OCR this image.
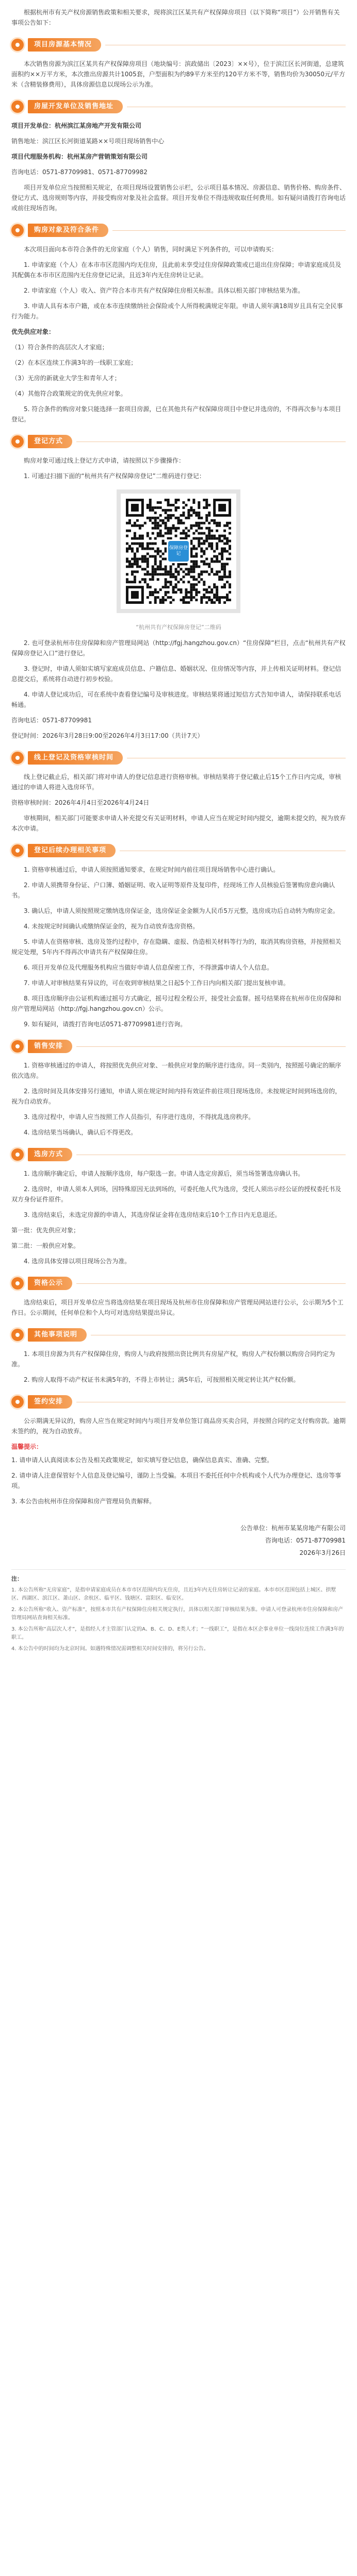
根据杭州市有关产权房源销售政策和相关要求，现将滨江区某共有产权保障房项目（以下简称“项目”）公开销售有关事项公告如下：

项目房源基本情况

本次销售房源为滨江区某共有产权保障房项目（地块编号：滨政储出〔2023〕××号），位于滨江区长河街道，总建筑面积约××万平方米，本次推出房源共计1005套，户型面积为约89平方米至约120平方米不等，销售均价为30050元/平方米（含精装修费用），具体房源信息以现场公示为准。

房屋开发单位及销售地址

项目开发单位：杭州滨江某房地产开发有限公司

销售地址：滨江区长河街道某路××号项目现场销售中心

项目代理服务机构：杭州某房产营销策划有限公司

咨询电话：0571-87709981、0571-87709982

项目开发单位应当按照相关规定，在项目现场设置销售公示栏，公示项目基本情况、房源信息、销售价格、购房条件、登记方式、选房规则等内容，并接受购房对象及社会监督。项目开发单位不得违规收取任何费用。如有疑问请拨打咨询电话或前往现场咨询。

购房对象及符合条件

本次项目面向本市符合条件的无房家庭（个人）销售，同时满足下列条件的，可以申请购买：

1. 申请家庭（个人）在本市市区范围内均无住房，且此前未享受过住房保障政策或已退出住房保障；申请家庭成员及其配偶在本市市区范围内无住房登记记录，且近3年内无住房转让记录。

2. 申请家庭（个人）收入、资产符合本市共有产权保障住房相关标准。具体以相关部门审核结果为准。

3. 申请人具有本市户籍，或在本市连续缴纳社会保险或个人所得税满规定年限。申请人须年满18周岁且具有完全民事行为能力。

优先供应对象：

（1）符合条件的高层次人才家庭；

（2）在本区连续工作满3年的一线职工家庭；

（3）无房的新就业大学生和青年人才；

（4）其他符合政策规定的优先供应对象。

5. 符合条件的购房对象只能选择一套项目房源，已在其他共有产权保障房项目中登记并选房的，不得再次参与本项目登记。

登记方式

购房对象可通过线上登记方式申请，请按照以下步骤操作：

1. 可通过扫描下面的“杭州共有产权保障房登记”二维码进行登记：

保障房登记

“杭州共有产权保障房登记”二维码

2. 也可登录杭州市住房保障和房产管理局网站（http://fgj.hangzhou.gov.cn）“住房保障”栏目，点击“杭州共有产权保障房登记入口”进行登记。

3. 登记时，申请人须如实填写家庭成员信息、户籍信息、婚姻状况、住房情况等内容，并上传相关证明材料。登记信息提交后，系统将自动进行初步校验。

4. 申请人登记成功后，可在系统中查看登记编号及审核进度。审核结果将通过短信方式告知申请人，请保持联系电话畅通。

咨询电话：0571-87709981

登记时间：2026年3月28日9:00至2026年4月3日17:00（共计7天）

线上登记及资格审核时间

线上登记截止后，相关部门将对申请人的登记信息进行资格审核。审核结果将于登记截止后15个工作日内完成，审核通过的申请人将进入选房环节。

资格审核时间：2026年4月4日至2026年4月24日

审核期间，相关部门可能要求申请人补充提交有关证明材料，申请人应当在规定时间内提交，逾期未提交的，视为放弃本次申请。

登记后续办理相关事项

1. 资格审核通过后，申请人须按照通知要求，在规定时间内前往项目现场销售中心进行确认。

2. 申请人须携带身份证、户口簿、婚姻证明、收入证明等原件及复印件，经现场工作人员核验后签署购房意向确认书。

3. 确认后，申请人须按照规定缴纳选房保证金，选房保证金金额为人民币5万元整，选房成功后自动转为购房定金。

4. 未按规定时间确认或缴纳保证金的，视为自动放弃选房资格。

5. 申请人在资格审核、选房及签约过程中，存在隐瞒、虚报、伪造相关材料等行为的，取消其购房资格，并按照相关规定处理，5年内不得再次申请共有产权保障住房。

6. 项目开发单位及代理服务机构应当做好申请人信息保密工作，不得泄露申请人个人信息。

7. 申请人对审核结果有异议的，可在收到审核结果之日起5个工作日内向相关部门提出复核申请。

8. 项目选房顺序由公证机构通过摇号方式确定，摇号过程全程公开，接受社会监督。摇号结果将在杭州市住房保障和房产管理局网站（http://fgj.hangzhou.gov.cn）公示。

9. 如有疑问，请拨打咨询电话0571-87709981进行咨询。

销售安排

1. 资格审核通过的申请人，将按照优先供应对象、一般供应对象的顺序进行选房。同一类别内，按照摇号确定的顺序依次选房。

2. 选房时间及具体安排另行通知，申请人须在规定时间内持有效证件前往项目现场选房。未按规定时间到场选房的，视为自动放弃。

3. 选房过程中，申请人应当按照工作人员指引，有序进行选房，不得扰乱选房秩序。

4. 选房结果当场确认，确认后不得更改。

选房方式

1. 选房顺序确定后，申请人按顺序选房，每户限选一套。申请人选定房源后，须当场签署选房确认书。

2. 选房时，申请人须本人到场，因特殊原因无法到场的，可委托他人代为选房，受托人须出示经公证的授权委托书及双方身份证件原件。

3. 选房结束后，未选定房源的申请人，其选房保证金将在选房结束后10个工作日内无息退还。

第一批：优先供应对象；

第二批：一般供应对象。

4. 选房具体安排以项目现场公告为准。

资格公示

选房结束后，项目开发单位应当将选房结果在项目现场及杭州市住房保障和房产管理局网站进行公示，公示期为5个工作日。公示期间，任何单位和个人均可对选房结果提出异议。

其他事项说明

1. 本项目房源为共有产权保障住房，购房人与政府按照出资比例共有房屋产权，购房人产权份额以购房合同约定为准。

2. 购房人取得不动产权证书未满5年的，不得上市转让；满5年后，可按照相关规定转让其产权份额。

签约安排

公示期满无异议的，购房人应当在规定时间内与项目开发单位签订商品房买卖合同，并按照合同约定支付购房款。逾期未签约的，视为自动放弃。

温馨提示：

1. 请申请人认真阅读本公告及相关政策规定，如实填写登记信息，确保信息真实、准确、完整。

2. 请申请人注意保管好个人信息及登记编号，谨防上当受骗。本项目不委托任何中介机构或个人代为办理登记、选房等事项。

3. 本公告由杭州市住房保障和房产管理局负责解释。

公告单位：杭州市某某房地产有限公司
咨询电话：0571-87709981
2026年3月26日

注：

1. 本公告所称“无房家庭”，是指申请家庭成员在本市市区范围内均无住房，且近3年内无住房转让记录的家庭。本市市区范围包括上城区、拱墅区、西湖区、滨江区、萧山区、余杭区、临平区、钱塘区、富阳区、临安区。

2. 本公告所称“收入、资产标准”，按照本市共有产权保障住房相关规定执行，具体以相关部门审核结果为准。申请人可登录杭州市住房保障和房产管理局网站查询相关标准。

3. 本公告所称“高层次人才”，是指经人才主管部门认定的A、B、C、D、E类人才；“一线职工”，是指在本区企事业单位一线岗位连续工作满3年的职工。

4. 本公告中的时间均为北京时间。如遇特殊情况需调整相关时间安排的，将另行公告。
